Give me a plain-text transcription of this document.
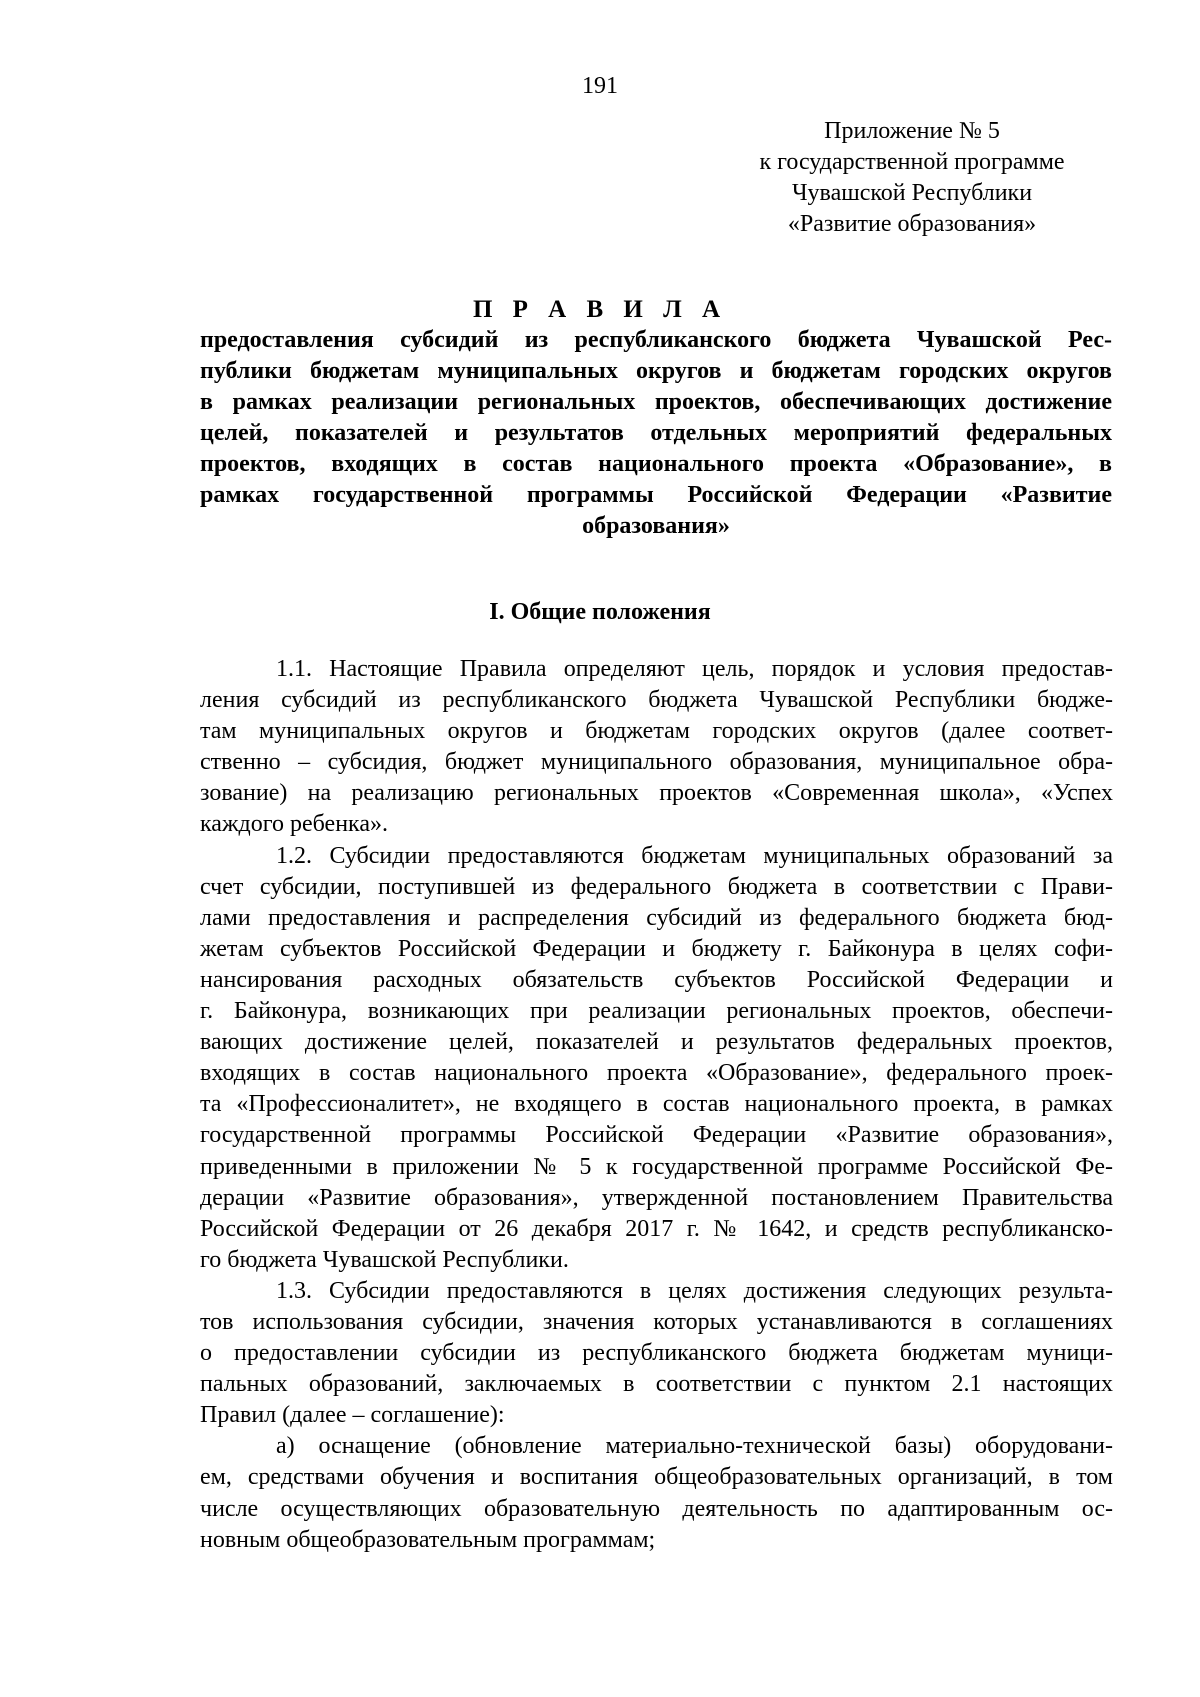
191
Приложение № 5
к государственной программе
Чувашской Республики
«Развитие образования»
П Р А В И Л А
предоставления субсидий из республиканского бюджета Чувашской Рес-
публики бюджетам муниципальных округов и бюджетам городских округов
в рамках реализации региональных проектов, обеспечивающих достижение
целей, показателей и результатов отдельных мероприятий федеральных
проектов, входящих в состав национального проекта «Образование», в
рамках государственной программы Российской Федерации «Развитие
образования»
I. Общие положения
1.1. Настоящие Правила определяют цель, порядок и условия предостав-
ления субсидий из республиканского бюджета Чувашской Республики бюдже-
там муниципальных округов и бюджетам городских округов (далее соответ-
ственно – субсидия, бюджет муниципального образования, муниципальное обра-
зование) на реализацию региональных проектов «Современная школа», «Успех
каждого ребенка».
1.2. Субсидии предоставляются бюджетам муниципальных образований за
счет субсидии, поступившей из федерального бюджета в соответствии с Прави-
лами предоставления и распределения субсидий из федерального бюджета бюд-
жетам субъектов Российской Федерации и бюджету г. Байконура в целях софи-
нансирования расходных обязательств субъектов Российской Федерации и
г. Байконура, возникающих при реализации региональных проектов, обеспечи-
вающих достижение целей, показателей и результатов федеральных проектов,
входящих в состав национального проекта «Образование», федерального проек-
та «Профессионалитет», не входящего в состав национального проекта, в рамках
государственной программы Российской Федерации «Развитие образования»,
приведенными в приложении № 5 к государственной программе Российской Фе-
дерации «Развитие образования», утвержденной постановлением Правительства
Российской Федерации от 26 декабря 2017 г. № 1642, и средств республиканско-
го бюджета Чувашской Республики.
1.3. Субсидии предоставляются в целях достижения следующих результа-
тов использования субсидии, значения которых устанавливаются в соглашениях
о предоставлении субсидии из республиканского бюджета бюджетам муници-
пальных образований, заключаемых в соответствии с пунктом 2.1 настоящих
Правил (далее – соглашение):
а) оснащение (обновление материально-технической базы) оборудовани-
ем, средствами обучения и воспитания общеобразовательных организаций, в том
числе осуществляющих образовательную деятельность по адаптированным ос-
новным общеобразовательным программам;
